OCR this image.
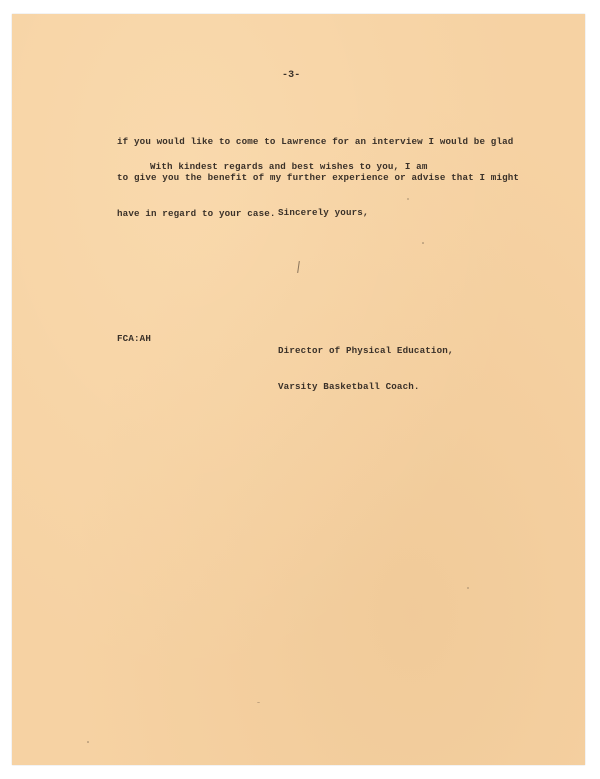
-3-

if you would like to come to Lawrence for an interview I would be glad

to give you the benefit of my further experience or advise that I might

have in regard to your case.

With kindest regards and best wishes to you, I am
Sincerely yours,
FCA:AH

Director of Physical Education,

Varsity Basketball Coach.
